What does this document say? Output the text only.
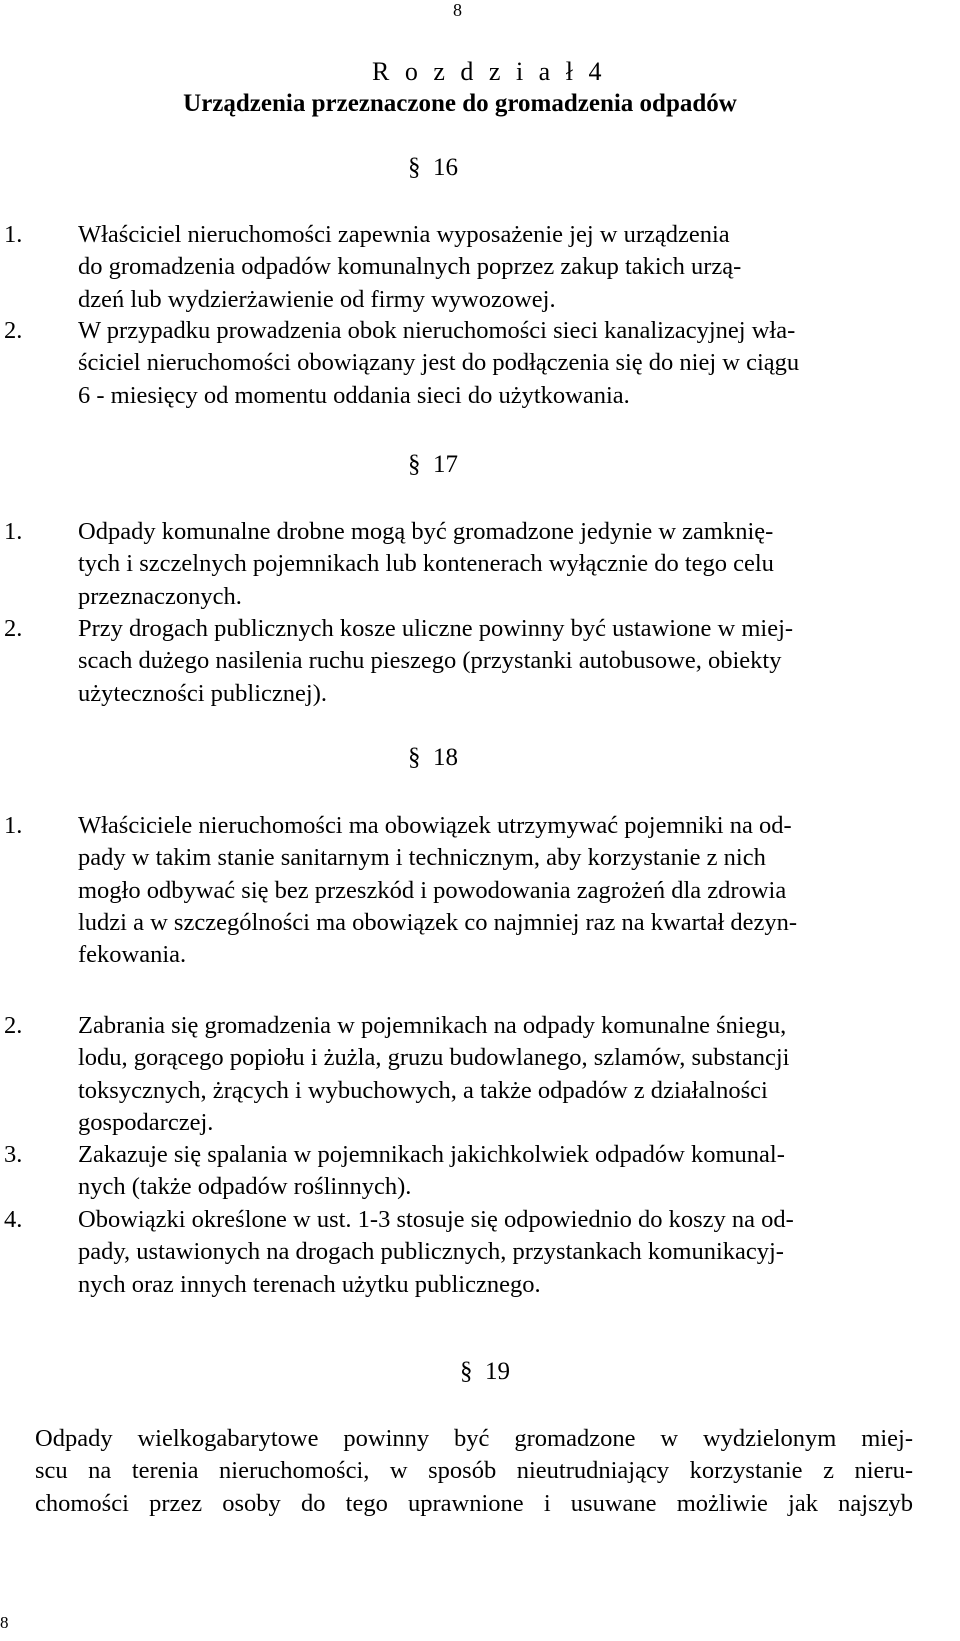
8
R o z d z i a ł 4
Urządzenia przeznaczone do gromadzenia odpadów
§ 16
1.	Właściciel nieruchomości zapewnia wyposażenie jej w urządzenia
do gromadzenia odpadów komunalnych poprzez zakup takich urzą-
dzeń lub wydzierżawienie od firmy wywozowej.
2.	W przypadku prowadzenia obok nieruchomości sieci kanalizacyjnej wła-
ściciel nieruchomości obowiązany jest do podłączenia się do niej w ciągu
6 - miesięcy od momentu oddania sieci do użytkowania.
§ 17
1.	Odpady komunalne drobne mogą być gromadzone jedynie w zamknię-
tych i szczelnych pojemnikach lub kontenerach wyłącznie do tego celu
przeznaczonych.
2.	Przy drogach publicznych kosze uliczne powinny być ustawione w miej-
scach dużego nasilenia ruchu pieszego (przystanki autobusowe, obiekty
użyteczności publicznej).
§ 18
1.	Właściciele nieruchomości ma obowiązek utrzymywać pojemniki na od-
pady w takim stanie sanitarnym i technicznym, aby korzystanie z nich
mogło odbywać się bez przeszkód i powodowania zagrożeń dla zdrowia
ludzi a w szczególności ma obowiązek co najmniej raz na kwartał dezyn-
fekowania.
2.	Zabrania się gromadzenia w pojemnikach na odpady komunalne śniegu,
lodu, gorącego popiołu i żużla, gruzu budowlanego, szlamów, substancji
toksycznych, żrących i wybuchowych, a także odpadów z działalności
gospodarczej.
3.	Zakazuje się spalania w pojemnikach jakichkolwiek odpadów komunal-
nych (także odpadów roślinnych).
4.	Obowiązki określone w ust. 1-3 stosuje się odpowiednio do koszy na od-
pady, ustawionych na drogach publicznych, przystankach komunikacyj-
nych oraz innych terenach użytku publicznego.
§ 19
Odpady wielkogabarytowe powinny być gromadzone w wydzielonym miej-
scu na terenia nieruchomości, w sposób nieutrudniający korzystanie z nieru-
chomości przez osoby do tego uprawnione i usuwane możliwie jak najszyb
8
